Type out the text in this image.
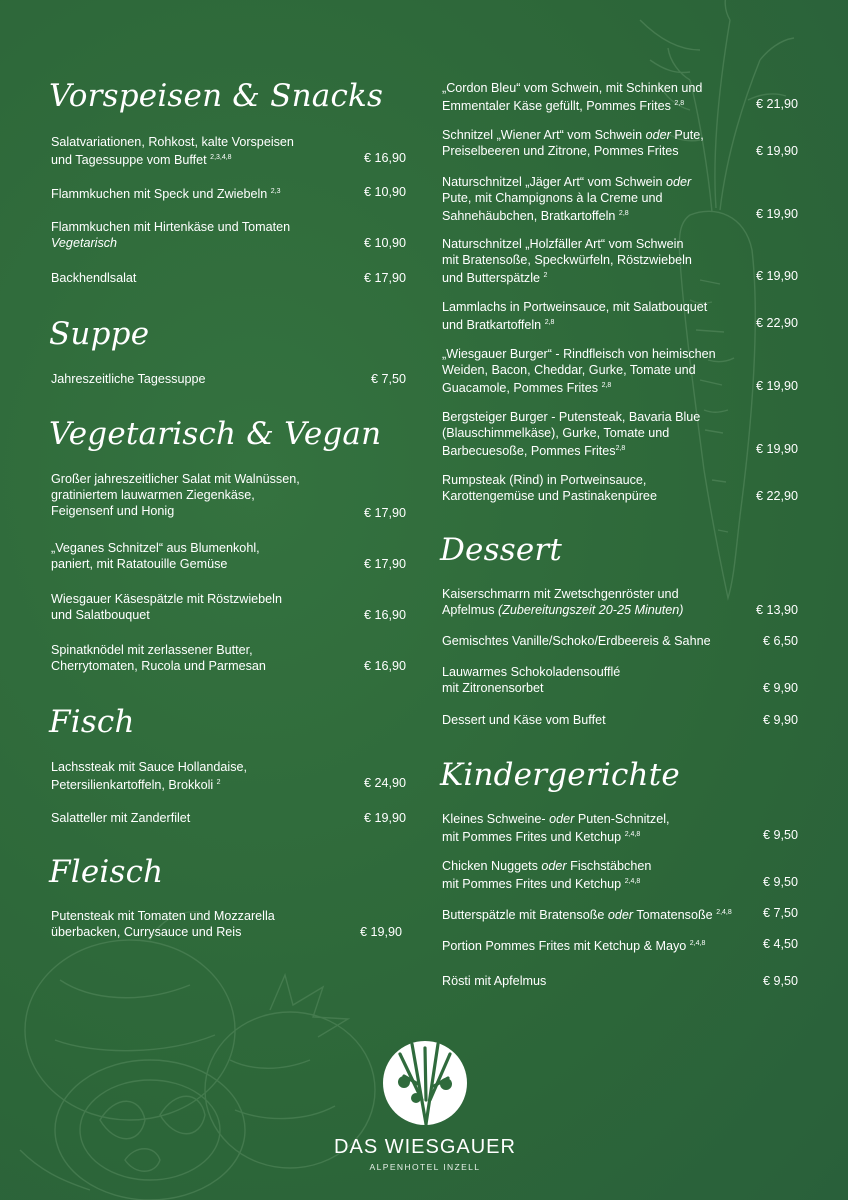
Vorspeisen & Snacks
Salatvariationen, Rohkost, kalte Vorspeisen
und Tagessuppe vom Buffet $^{2,3,4,8}$	€ 16,90
Flammkuchen mit Speck und Zwiebeln $^{2,3}$	€ 10,90
Flammkuchen mit Hirtenkäse und Tomaten
Vegetarisch	€ 10,90
Backhendlsalat	€ 17,90
Suppe
Jahreszeitliche Tagessuppe	€ 7,50
Vegetarisch & Vegan
Großer jahreszeitlicher Salat mit Walnüssen,
gratiniertem lauwarmen Ziegenkäse,
Feigensenf und Honig	€ 17,90
„Veganes Schnitzel“ aus Blumenkohl,
paniert, mit Ratatouille Gemüse	€ 17,90
Wiesgauer Käsespätzle mit Röstzwiebeln
und Salatbouquet	€ 16,90
Spinatknödel mit zerlassener Butter,
Cherrytomaten, Rucola und Parmesan	€ 16,90
Fisch
Lachssteak mit Sauce Hollandaise,
Petersilienkartoffeln, Brokkoli $^2$	€ 24,90
Salatteller mit Zanderfilet	€ 19,90
Fleisch
Putensteak mit Tomaten und Mozzarella
überbacken, Currysauce und Reis	€ 19,90
„Cordon Bleu“ vom Schwein, mit Schinken und
Emmentaler Käse gefüllt, Pommes Frites $^{2,8}$	€ 21,90
Schnitzel „Wiener Art“ vom Schwein oder Pute,
Preiselbeeren und Zitrone, Pommes Frites	€ 19,90
Naturschnitzel „Jäger Art“ vom Schwein oder
Pute, mit Champignons à la Creme und
Sahnehäubchen, Bratkartoffeln $^{2,8}$	€ 19,90
Naturschnitzel „Holzfäller Art“ vom Schwein
mit Bratensoße, Speckwürfeln, Röstzwiebeln
und Butterspätzle $^2$	€ 19,90
Lammlachs in Portweinsauce, mit Salatbouquet
und Bratkartoffeln $^{2,8}$	€ 22,90
„Wiesgauer Burger“ - Rindfleisch von heimischen
Weiden, Bacon, Cheddar, Gurke, Tomate und
Guacamole, Pommes Frites $^{2,8}$	€ 19,90
Bergsteiger Burger - Putensteak, Bavaria Blue
(Blauschimmelkäse), Gurke, Tomate und
Barbecuesoße, Pommes Frites$^{2,8}$	€ 19,90
Rumpsteak (Rind) in Portweinsauce,
Karottengemüse und Pastinakenpüree	€ 22,90
Dessert
Kaiserschmarrn mit Zwetschgenröster und
Apfelmus (Zubereitungszeit 20-25 Minuten)	€ 13,90
Gemischtes Vanille/Schoko/Erdbeereis & Sahne	€ 6,50
Lauwarmes Schokoladensoufflé
mit Zitronensorbet	€ 9,90
Dessert und Käse vom Buffet	€ 9,90
Kindergerichte
Kleines Schweine- oder Puten-Schnitzel,
mit Pommes Frites und Ketchup $^{2,4,8}$	€ 9,50
Chicken Nuggets oder Fischstäbchen
mit Pommes Frites und Ketchup $^{2,4,8}$	€ 9,50
Butterspätzle mit Bratensoße oder Tomatensoße $^{2,4,8}$	€ 7,50
Portion Pommes Frites mit Ketchup & Mayo $^{2,4,8}$	€ 4,50
Rösti mit Apfelmus	€ 9,50
DAS WIESGAUER
ALPENHOTEL INZELL
